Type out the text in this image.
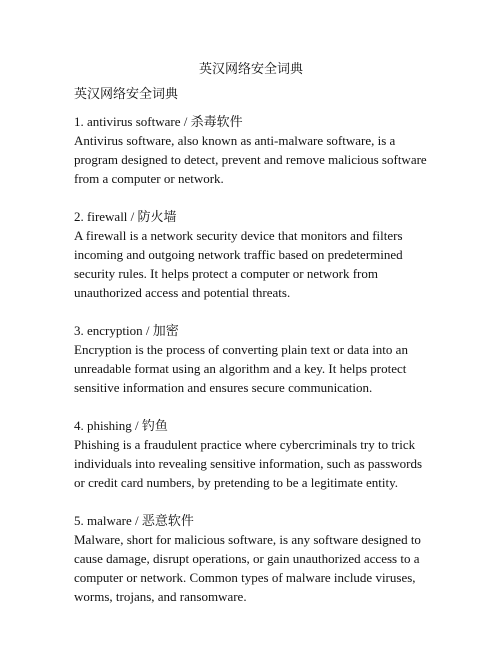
英汉网络安全词典
英汉网络安全词典
1. antivirus software / 杀毒软件
Antivirus software, also known as anti-malware software, is a program designed to detect, prevent and remove malicious software from a computer or network.
2. firewall / 防火墙
A firewall is a network security device that monitors and filters incoming and outgoing network traffic based on predetermined security rules. It helps protect a computer or network from unauthorized access and potential threats.
3. encryption / 加密
Encryption is the process of converting plain text or data into an unreadable format using an algorithm and a key. It helps protect sensitive information and ensures secure communication.
4. phishing / 钓鱼
Phishing is a fraudulent practice where cybercriminals try to trick individuals into revealing sensitive information, such as passwords or credit card numbers, by pretending to be a legitimate entity.
5. malware / 恶意软件
Malware, short for malicious software, is any software designed to cause damage, disrupt operations, or gain unauthorized access to a computer or network. Common types of malware include viruses, worms, trojans, and ransomware.
